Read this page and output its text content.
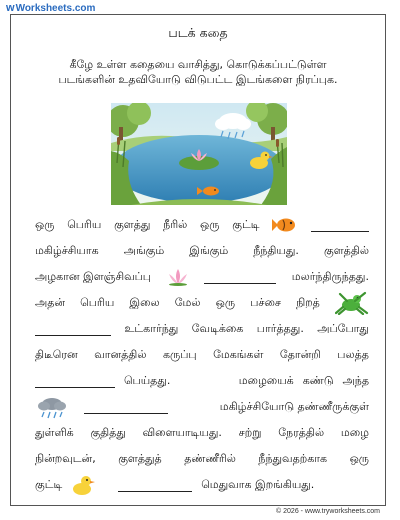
w Worksheets.com
படக் கதை
கீழே உள்ள கதையை வாசித்து, கொடுக்கப்பட்டுள்ள
படங்களின் உதவியோடு விடுபட்ட இடங்களை நிரப்புக.
ஒரு பெரிய குளத்து நீரில் ஒரு குட்டி
மகிழ்ச்சியாக அங்கும் இங்கும் நீந்தியது. குளத்தில்
அழகான இளஞ்சிவப்பு	மலர்ந்திருந்தது.
அதன் பெரிய இலை மேல் ஒரு பச்சை நிறத்
உட்கார்ந்து வேடிக்கை பார்த்தது. அப்போது
திடீரென வானத்தில் கருப்பு மேகங்கள் தோன்றி பலத்த
பெய்தது.	மழையைக் கண்டு அந்த
மகிழ்ச்சியோடு தண்ணீருக்குள்
துள்ளிக் குதித்து விளையாடியது. சற்று நேரத்தில் மழை
நின்றவுடன், குளத்துத் தண்ணீரில் நீந்துவதற்காக ஒரு
குட்டி	மெதுவாக இறங்கியது.
© 2026 - www.tryworksheets.com
